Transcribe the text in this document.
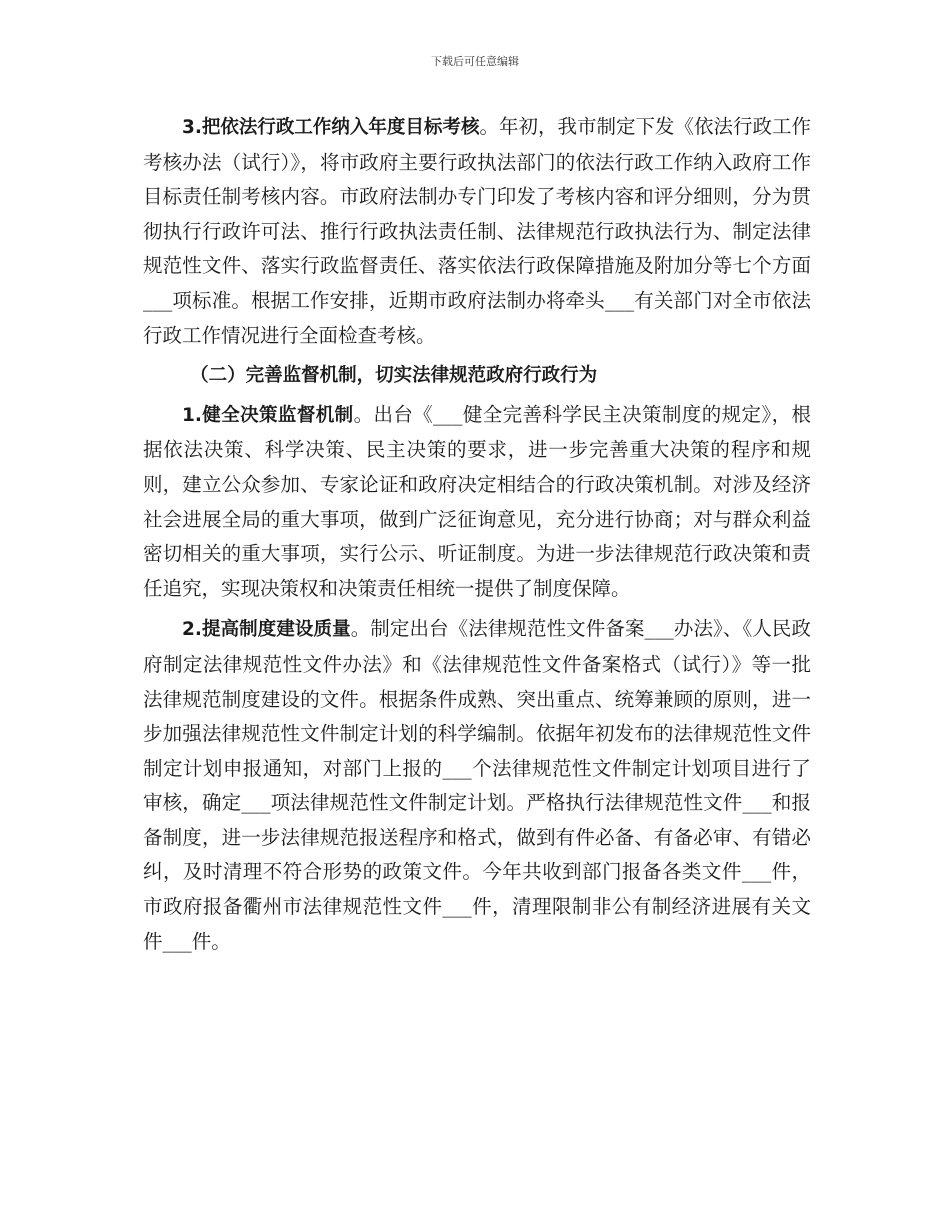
下载后可任意编辑

3.把依法行政工作纳入年度目标考核。年初，我市制定下发《依法行政工作考核办法（试行）》，将市政府主要行政执法部门的依法行政工作纳入政府工作目标责任制考核内容。市政府法制办专门印发了考核内容和评分细则，分为贯彻执行行政许可法、推行行政执法责任制、法律规范行政执法行为、制定法律规范性文件、落实行政监督责任、落实依法行政保障措施及附加分等七个方面___项标准。根据工作安排，近期市政府法制办将牵头___有关部门对全市依法行政工作情况进行全面检查考核。

（二）完善监督机制，切实法律规范政府行政行为

1.健全决策监督机制。出台《___健全完善科学民主决策制度的规定》，根据依法决策、科学决策、民主决策的要求，进一步完善重大决策的程序和规则，建立公众参加、专家论证和政府决定相结合的行政决策机制。对涉及经济社会进展全局的重大事项，做到广泛征询意见，充分进行协商；对与群众利益密切相关的重大事项，实行公示、听证制度。为进一步法律规范行政决策和责任追究，实现决策权和决策责任相统一提供了制度保障。

2.提高制度建设质量。制定出台《法律规范性文件备案___办法》、《人民政府制定法律规范性文件办法》和《法律规范性文件备案格式（试行）》等一批法律规范制度建设的文件。根据条件成熟、突出重点、统筹兼顾的原则，进一步加强法律规范性文件制定计划的科学编制。依据年初发布的法律规范性文件制定计划申报通知，对部门上报的___个法律规范性文件制定计划项目进行了审核，确定___项法律规范性文件制定计划。严格执行法律规范性文件___和报备制度，进一步法律规范报送程序和格式，做到有件必备、有备必审、有错必纠，及时清理不符合形势的政策文件。今年共收到部门报备各类文件___件，市政府报备衢州市法律规范性文件___件，清理限制非公有制经济进展有关文件___件。
